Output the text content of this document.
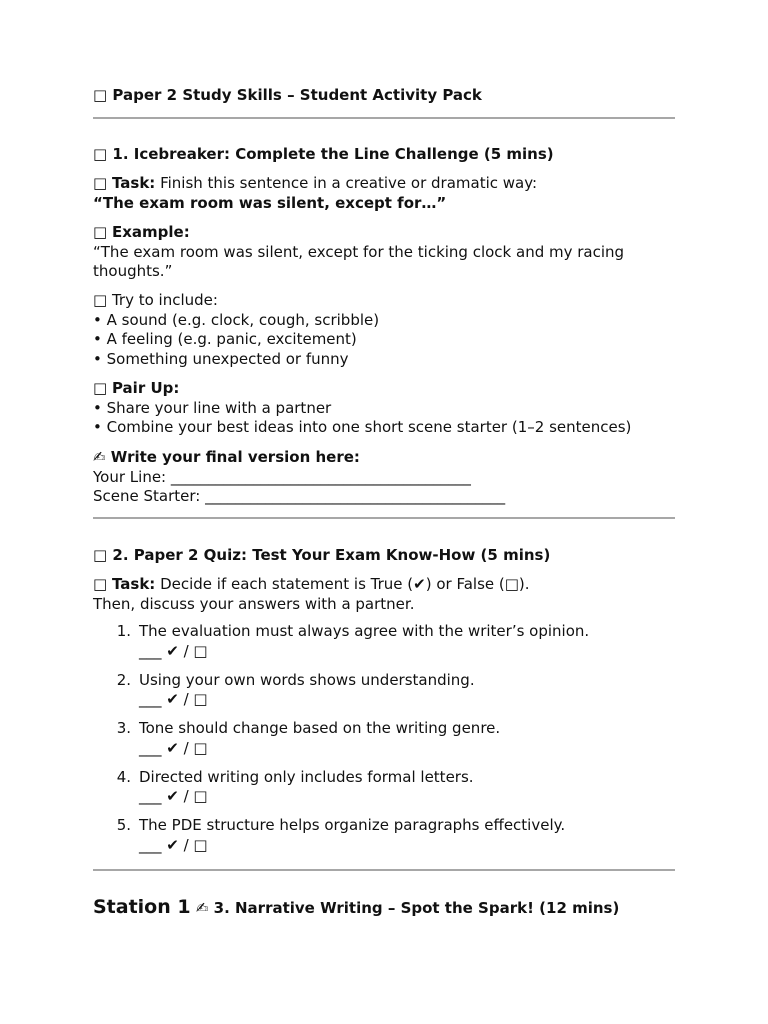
□ Paper 2 Study Skills – Student Activity Pack
□ 1. Icebreaker: Complete the Line Challenge (5 mins)
□ Task: Finish this sentence in a creative or dramatic way:
“The exam room was silent, except for…”
□ Example:
“The exam room was silent, except for the ticking clock and my racing thoughts.”
□ Try to include:
• A sound (e.g. clock, cough, scribble)
• A feeling (e.g. panic, excitement)
• Something unexpected or funny
□ Pair Up:
• Share your line with a partner
• Combine your best ideas into one short scene starter (1–2 sentences)
✍ Write your final version here:
Your Line: ________________________________________
Scene Starter: ________________________________________
□ 2. Paper 2 Quiz: Test Your Exam Know-How (5 mins)
□ Task: Decide if each statement is True (✔) or False (□).
Then, discuss your answers with a partner.
1. The evaluation must always agree with the writer’s opinion.
___ ✔ / □
2. Using your own words shows understanding.
___ ✔ / □
3. Tone should change based on the writing genre.
___ ✔ / □
4. Directed writing only includes formal letters.
___ ✔ / □
5. The PDE structure helps organize paragraphs effectively.
___ ✔ / □
Station 1 ✍ 3. Narrative Writing – Spot the Spark! (12 mins)
